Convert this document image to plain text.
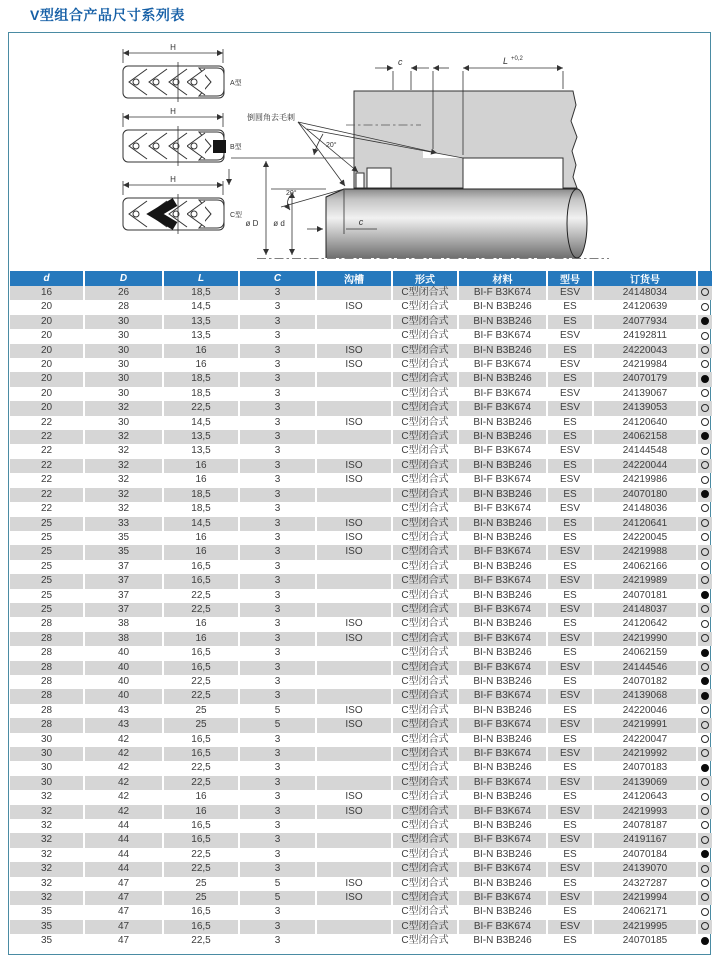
V型组合产品尺寸系列表
倒圆角去毛刺
20°
20°
c	L +0,2
ø D ø d	c
H
A型
H
B型
H
C型
d	D	L	C	沟槽	形式	材料	型号	订货号	
16	26	18,5	3		C型闭合式	BI-F B3K674	ESV	24148034	
20	28	14,5	3	ISO	C型闭合式	BI-N B3B246	ES	24120639	
20	30	13,5	3		C型闭合式	BI-N B3B246	ES	24077934	
20	30	13,5	3		C型闭合式	BI-F B3K674	ESV	24192811	
20	30	16	3	ISO	C型闭合式	BI-N B3B246	ES	24220043	
20	30	16	3	ISO	C型闭合式	BI-F B3K674	ESV	24219984	
20	30	18,5	3		C型闭合式	BI-N B3B246	ES	24070179	
20	30	18,5	3		C型闭合式	BI-F B3K674	ESV	24139067	
20	32	22,5	3		C型闭合式	BI-F B3K674	ESV	24139053	
22	30	14,5	3	ISO	C型闭合式	BI-N B3B246	ES	24120640	
22	32	13,5	3		C型闭合式	BI-N B3B246	ES	24062158	
22	32	13,5	3		C型闭合式	BI-F B3K674	ESV	24144548	
22	32	16	3	ISO	C型闭合式	BI-N B3B246	ES	24220044	
22	32	16	3	ISO	C型闭合式	BI-F B3K674	ESV	24219986	
22	32	18,5	3		C型闭合式	BI-N B3B246	ES	24070180	
22	32	18,5	3		C型闭合式	BI-F B3K674	ESV	24148036	
25	33	14,5	3	ISO	C型闭合式	BI-N B3B246	ES	24120641	
25	35	16	3	ISO	C型闭合式	BI-N B3B246	ES	24220045	
25	35	16	3	ISO	C型闭合式	BI-F B3K674	ESV	24219988	
25	37	16,5	3		C型闭合式	BI-N B3B246	ES	24062166	
25	37	16,5	3		C型闭合式	BI-F B3K674	ESV	24219989	
25	37	22,5	3		C型闭合式	BI-N B3B246	ES	24070181	
25	37	22,5	3		C型闭合式	BI-F B3K674	ESV	24148037	
28	38	16	3	ISO	C型闭合式	BI-N B3B246	ES	24120642	
28	38	16	3	ISO	C型闭合式	BI-F B3K674	ESV	24219990	
28	40	16,5	3		C型闭合式	BI-N B3B246	ES	24062159	
28	40	16,5	3		C型闭合式	BI-F B3K674	ESV	24144546	
28	40	22,5	3		C型闭合式	BI-N B3B246	ES	24070182	
28	40	22,5	3		C型闭合式	BI-F B3K674	ESV	24139068	
28	43	25	5	ISO	C型闭合式	BI-N B3B246	ES	24220046	
28	43	25	5	ISO	C型闭合式	BI-F B3K674	ESV	24219991	
30	42	16,5	3		C型闭合式	BI-N B3B246	ES	24220047	
30	42	16,5	3		C型闭合式	BI-F B3K674	ESV	24219992	
30	42	22,5	3		C型闭合式	BI-N B3B246	ES	24070183	
30	42	22,5	3		C型闭合式	BI-F B3K674	ESV	24139069	
32	42	16	3	ISO	C型闭合式	BI-N B3B246	ES	24120643	
32	42	16	3	ISO	C型闭合式	BI-F B3K674	ESV	24219993	
32	44	16,5	3		C型闭合式	BI-N B3B246	ES	24078187	
32	44	16,5	3		C型闭合式	BI-F B3K674	ESV	24191167	
32	44	22,5	3		C型闭合式	BI-N B3B246	ES	24070184	
32	44	22,5	3		C型闭合式	BI-F B3K674	ESV	24139070	
32	47	25	5	ISO	C型闭合式	BI-N B3B246	ES	24327287	
32	47	25	5	ISO	C型闭合式	BI-F B3K674	ESV	24219994	
35	47	16,5	3		C型闭合式	BI-N B3B246	ES	24062171	
35	47	16,5	3		C型闭合式	BI-F B3K674	ESV	24219995	
35	47	22,5	3		C型闭合式	BI-N B3B246	ES	24070185	
